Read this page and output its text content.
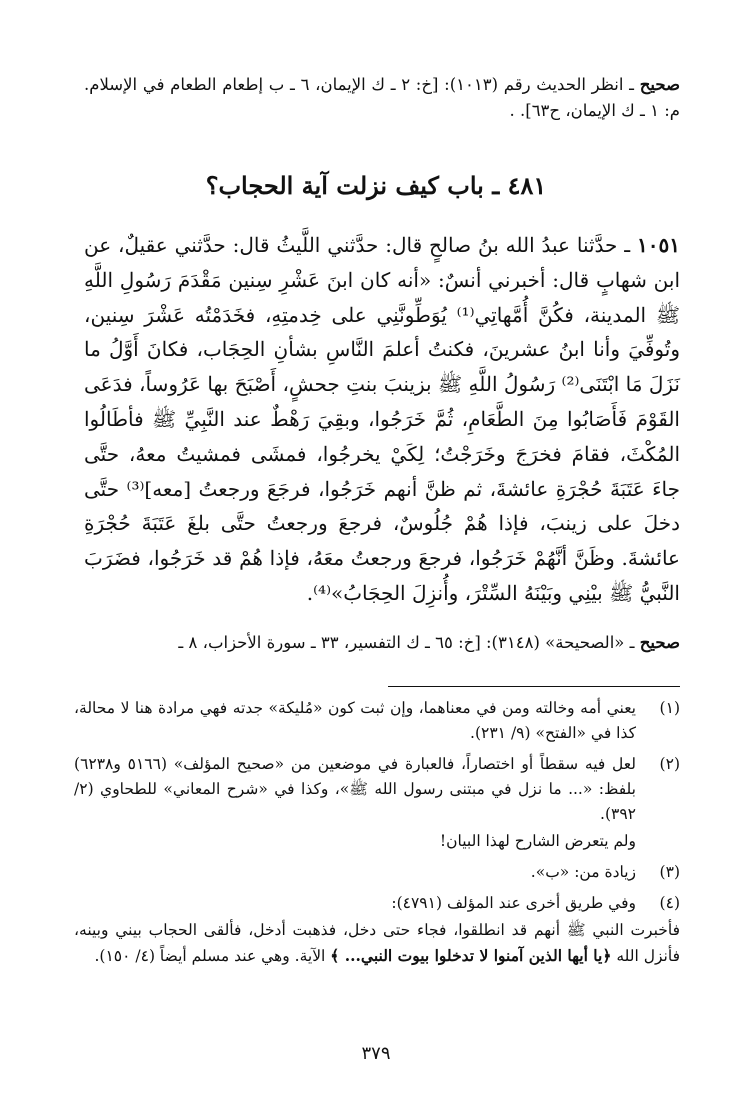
صحيح ـ انظر الحديث رقم (١٠١٣): [خ: ٢ ـ ك الإيمان، ٦ ـ ب إطعام الطعام في الإسلام. م: ١ ـ ك الإيمان، ح٦٣]. .
٤٨١ ـ باب كيف نزلت آية الحجاب؟
١٠٥١ ـ حدَّثنا عبدُ الله بنُ صالحٍ قال: حدَّثني اللَّيثُ قال: حدَّثني عقيلٌ، عن ابن شهابٍ قال: أخبرني أنسٌ: «أنه كان ابنَ عَشْرِ سِنين مَقْدَمَ رَسُولِ اللَّهِ ﷺ المدينة، فكُنَّ أُمَّهاتِي⁽¹⁾ يُوَطِّونَّنِي على خِدمتِهِ، فخَدَمْتُه عَشْرَ سِنين، وتُوفِّيَ وأنا ابنُ عشرينَ، فكنتُ أعلمَ النَّاسِ بشأنِ الحِجَاب، فكانَ أَوَّلُ ما نَزَلَ مَا ابْتَنَى⁽²⁾ رَسُولُ اللَّهِ ﷺ بزينبَ بنتِ جحشٍ، أَصْبَحَ بها عَرُوساً، فدَعَى القَوْمَ فَأَصَابُوا مِنَ الطَّعَامِ، ثُمَّ خَرَجُوا، وبقِيَ رَهْطٌ عند النَّبِيِّ ﷺ فأطَالُوا المُكْثَ، فقامَ فخرَجَ وخَرَجْتُ؛ لِكَيْ يخرجُوا، فمشَى فمشيتُ معهُ، حتَّى جاءَ عَتَبَةَ حُجْرَةِ عائشةَ، ثم ظنَّ أنهم خَرَجُوا، فرجَعَ ورجعتُ [معه]⁽³⁾ حتَّى دخلَ على زينبَ، فإذا هُمْ جُلُوسٌ، فرجعَ ورجعتُ حتَّى بلغَ عَتَبَةَ حُجْرَةِ عائشةَ. وظَنَّ أنَّهُمْ خَرَجُوا، فرجعَ ورجعتُ معَهُ، فإذا هُمْ قد خَرَجُوا، فضَرَبَ النَّبيُّ ﷺ بيْنِي وبَيْنَهُ السِّتْرَ، وأُنزِلَ الحِجَابُ»⁽⁴⁾.
صحيح ـ «الصحيحة» (٣١٤٨): [خ: ٦٥ ـ ك التفسير، ٣٣ ـ سورة الأحزاب، ٨ ـ
(١)
يعني أمه وخالته ومن في معناهما، وإن ثبت كون «مُليكة» جدته فهي مرادة هنا لا محالة، كذا في «الفتح» (٩/ ٢٣١).
(٢)
لعل فيه سقطاً أو اختصاراً، فالعبارة في موضعين من «صحيح المؤلف» (٥١٦٦ و٦٢٣٨) بلفظ: «... ما نزل في مبتنى رسول الله ﷺ»، وكذا في «شرح المعاني» للطحاوي (٢/ ٣٩٢).
ولم يتعرض الشارح لهذا البيان!
(٣)
زيادة من: «ب».
(٤)
وفي طريق أخرى عند المؤلف (٤٧٩١):
فأخبرت النبي ﷺ أنهم قد انطلقوا، فجاء حتى دخل، فذهبت أدخل، فألقى الحجاب بيني وبينه، فأنزل الله ﴿يا أيها الذين آمنوا لا تدخلوا بيوت النبي... ﴾ الآية. وهي عند مسلم أيضاً (٤/ ١٥٠).
٣٧٩
